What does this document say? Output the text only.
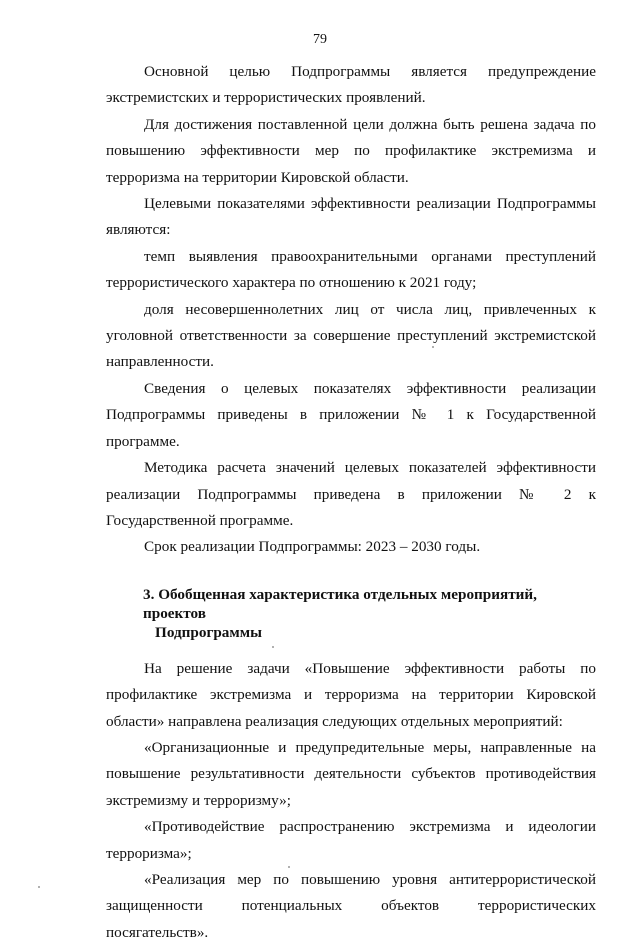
79

Основной целью Подпрограммы является предупреждение экстремистских и террористических проявлений.

Для достижения поставленной цели должна быть решена задача по повышению эффективности мер по профилактике экстремизма и терроризма на территории Кировской области.

Целевыми показателями эффективности реализации Подпрограммы являются:

темп выявления правоохранительными органами преступлений террористического характера по отношению к 2021 году;

доля несовершеннолетних лиц от числа лиц, привлеченных к уголовной ответственности за совершение преступлений экстремистской направленности.

Сведения о целевых показателях эффективности реализации Подпрограммы приведены в приложении № 1 к Государственной программе.

Методика расчета значений целевых показателей эффективности реализации Подпрограммы приведена в приложении № 2 к Государственной программе.

Срок реализации Подпрограммы: 2023 – 2030 годы.

3. Обобщенная характеристика отдельных мероприятий, проектов
Подпрограммы

На решение задачи «Повышение эффективности работы по профилактике экстремизма и терроризма на территории Кировской области» направлена реализация следующих отдельных мероприятий:

«Организационные и предупредительные меры, направленные на повышение результативности деятельности субъектов противодействия экстремизму и терроризму»;

«Противодействие распространению экстремизма и идеологии терроризма»;

«Реализация мер по повышению уровня антитеррористической защищенности потенциальных объектов террористических посягательств».
